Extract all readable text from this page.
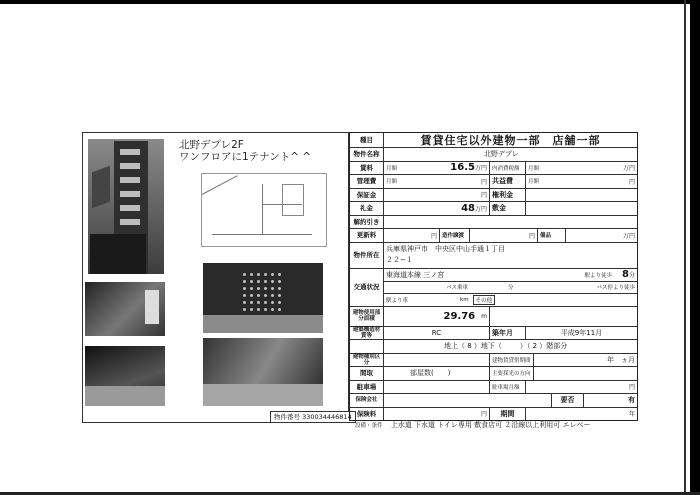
北野デプレ2F
ワンフロアに1テナント^ ^
物件番号 330034446814
種目	賃貸住宅以外建物一部　店舗一部
物件名称	北野デプレ
賃料	月額	16.5 万円 内消費税額	月額	万円
管理費	月額	円 共益費	月額	円
保証金	円 権利金
礼金	48 万円 敷金
解約引き
更新料	円 造作譲渡	円 備品	万円
物件所在
兵庫県神戸市　中央区中山手通１丁目
２２−１
交通状況
東海道本線 三ノ宮	駅より徒歩 8 分
バス乗車	分	バス停より徒歩
駅より車	km	その他
建物使用部分面積	29.76 m
建築構造材質等	RC	築年月	平成9年11月
地上（ 8 ）地下（	）（ 2 ）階部分
建物種別区分	建物賃貸借期間	年　ヵ月
間取	部屋数(　　)	主要採光の方向
駐車場	駐車場月額	円
保険会社	要否	有
保険料	円	期間	年
設備・条件 上水道 下水道 トイレ専用 敷食店可 ２沿線以上利用可 エレベー
